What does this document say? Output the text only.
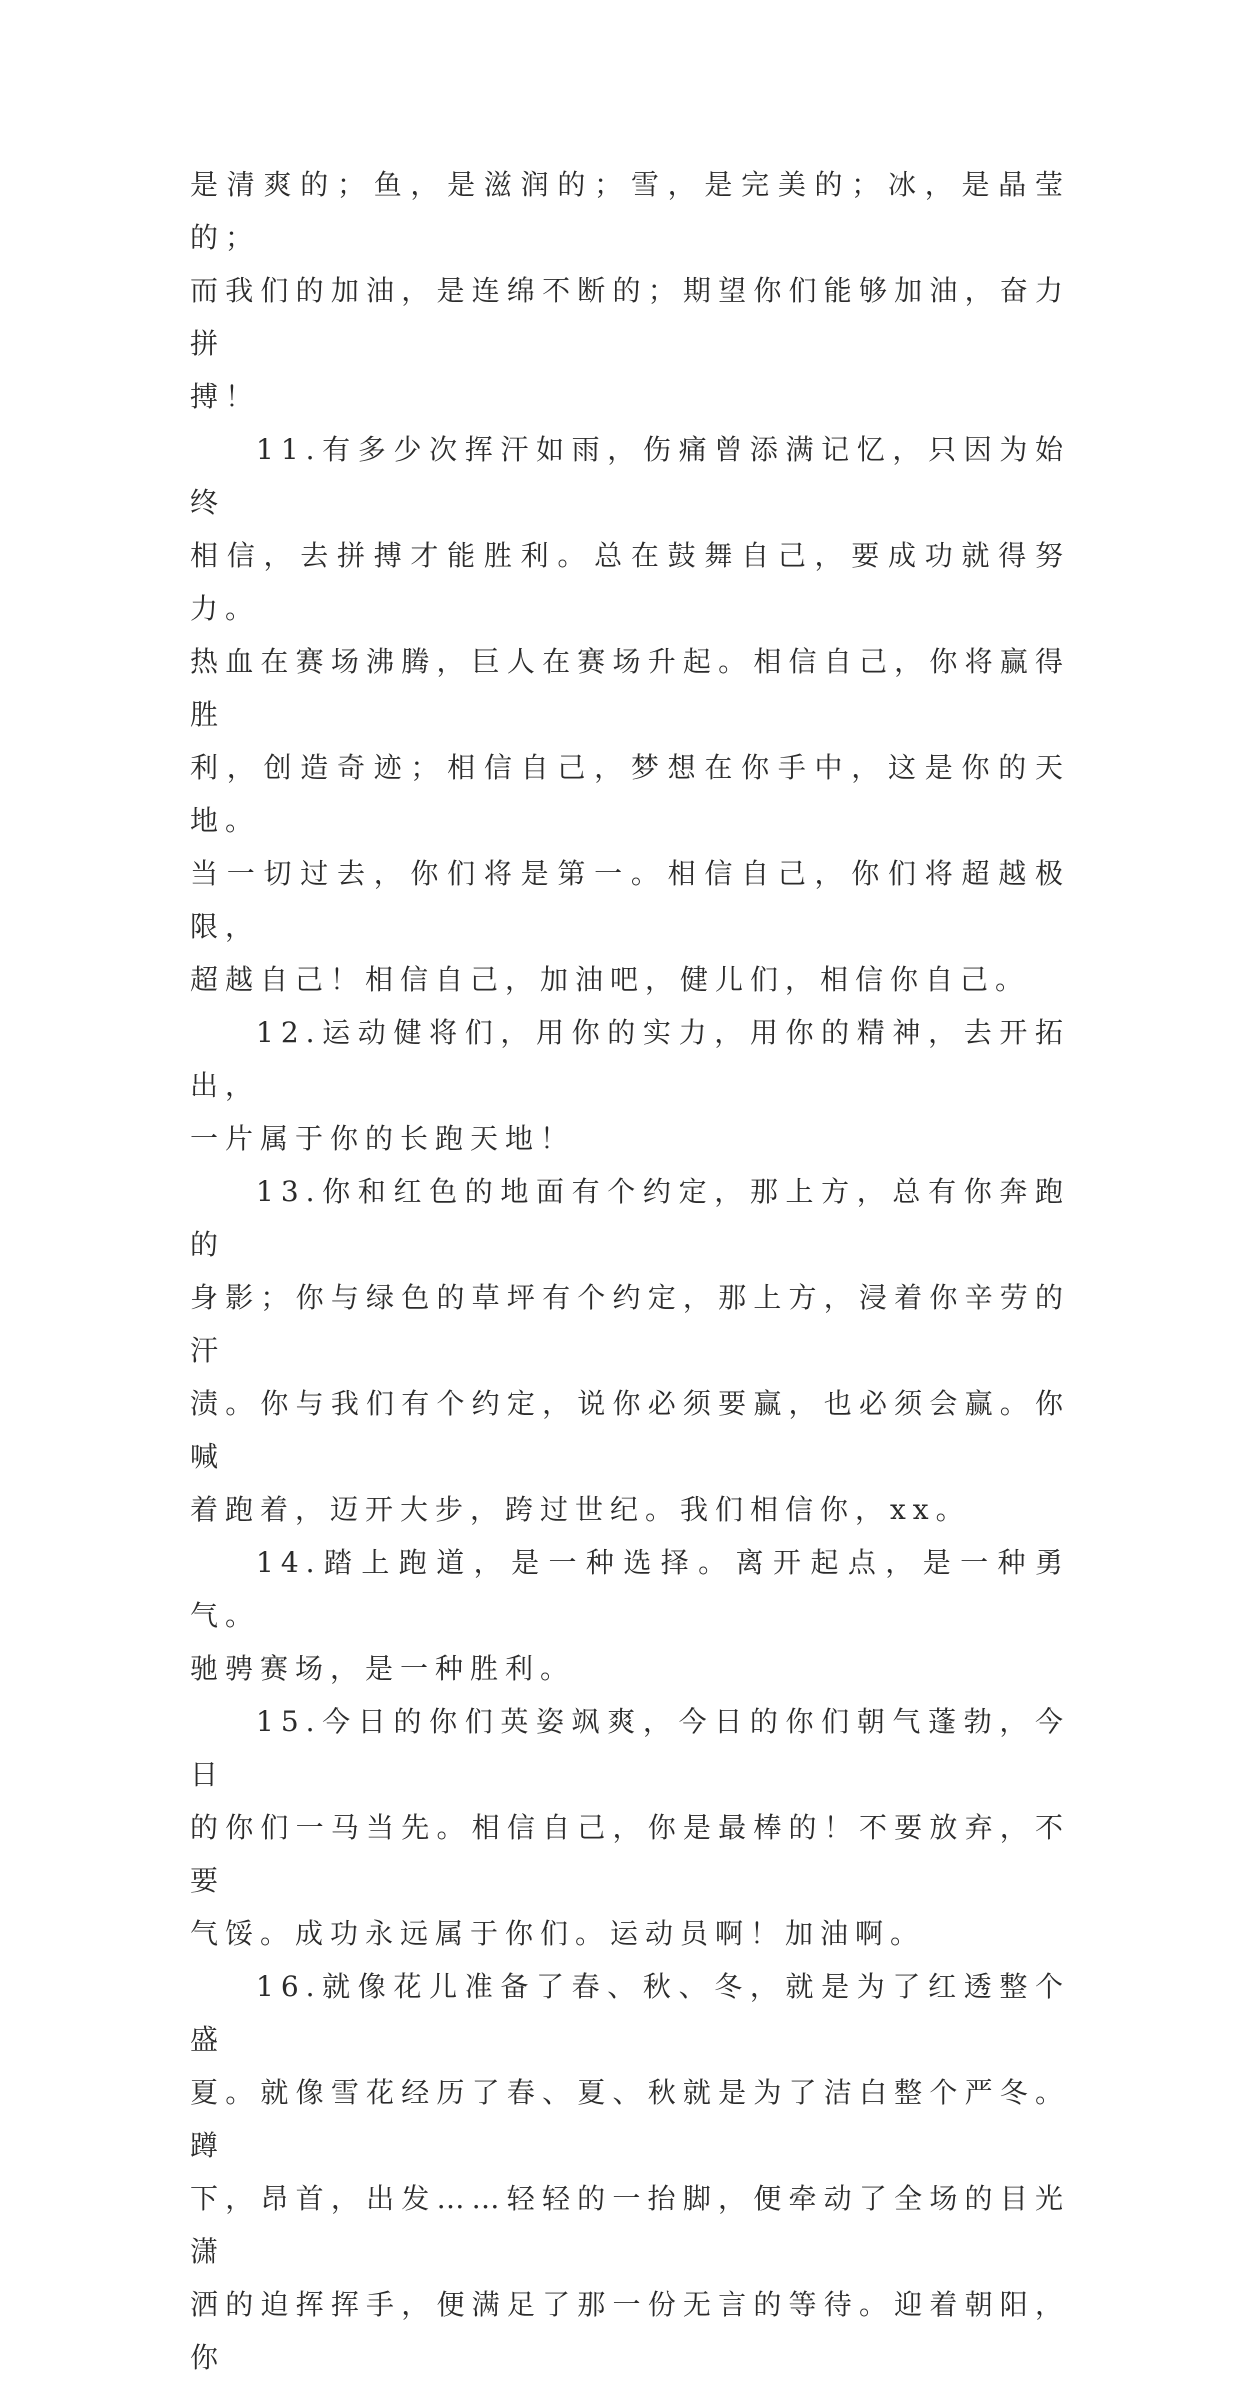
是清爽的；鱼，是滋润的；雪，是完美的；冰，是晶莹的；
而我们的加油，是连绵不断的；期望你们能够加油，奋力拼
搏！

11.有多少次挥汗如雨，伤痛曾添满记忆，只因为始终
相信，去拼搏才能胜利。总在鼓舞自己，要成功就得努力。
热血在赛场沸腾，巨人在赛场升起。相信自己，你将赢得胜
利，创造奇迹；相信自己，梦想在你手中，这是你的天地。
当一切过去，你们将是第一。相信自己，你们将超越极限，
超越自己！相信自己，加油吧，健儿们，相信你自己。

12.运动健将们，用你的实力，用你的精神，去开拓出，
一片属于你的长跑天地！

13.你和红色的地面有个约定，那上方，总有你奔跑的
身影；你与绿色的草坪有个约定，那上方，浸着你辛劳的汗
渍。你与我们有个约定，说你必须要赢，也必须会赢。你喊
着跑着，迈开大步，跨过世纪。我们相信你，xx。

14.踏上跑道，是一种选择。离开起点，是一种勇气。
驰骋赛场，是一种胜利。

15.今日的你们英姿飒爽，今日的你们朝气蓬勃，今日
的你们一马当先。相信自己，你是最棒的！不要放弃，不要
气馁。成功永远属于你们。运动员啊！加油啊。

16.就像花儿准备了春、秋、冬，就是为了红透整个盛
夏。就像雪花经历了春、夏、秋就是为了洁白整个严冬。蹲
下，昂首，出发……轻轻的一抬脚，便牵动了全场的目光潇
洒的迫挥挥手，便满足了那一份无言的等待。迎着朝阳，你
